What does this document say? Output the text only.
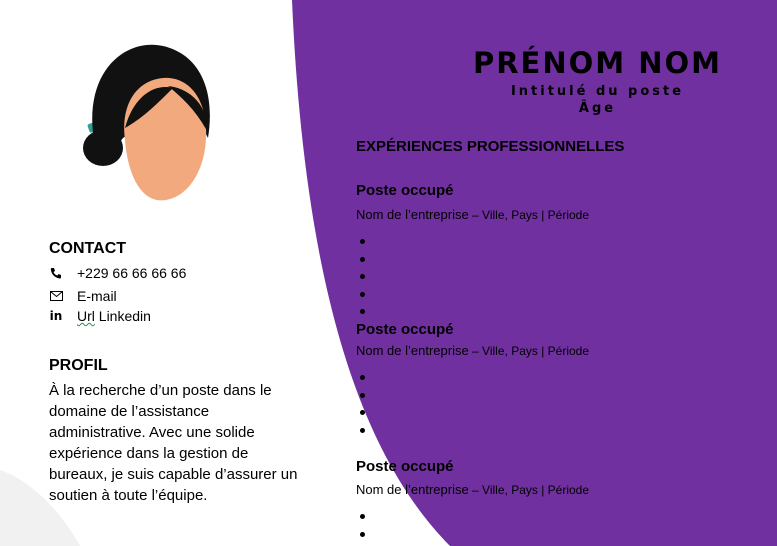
PRÉNOM NOM
Intitulé du poste
Âge
CONTACT
+229 66 66 66 66
E-mail
in Url Linkedin
PROFIL
À la recherche d’un poste dans le domaine de l’assistance administrative. Avec une solide expérience dans la gestion de bureaux, je suis capable d’assurer un soutien à toute l’équipe.
EXPÉRIENCES PROFESSIONNELLES
Poste occupé
Nom de l’entreprise – Ville, Pays | Période
Poste occupé
Nom de l’entreprise – Ville, Pays | Période
Poste occupé
Nom de l’entreprise – Ville, Pays | Période
